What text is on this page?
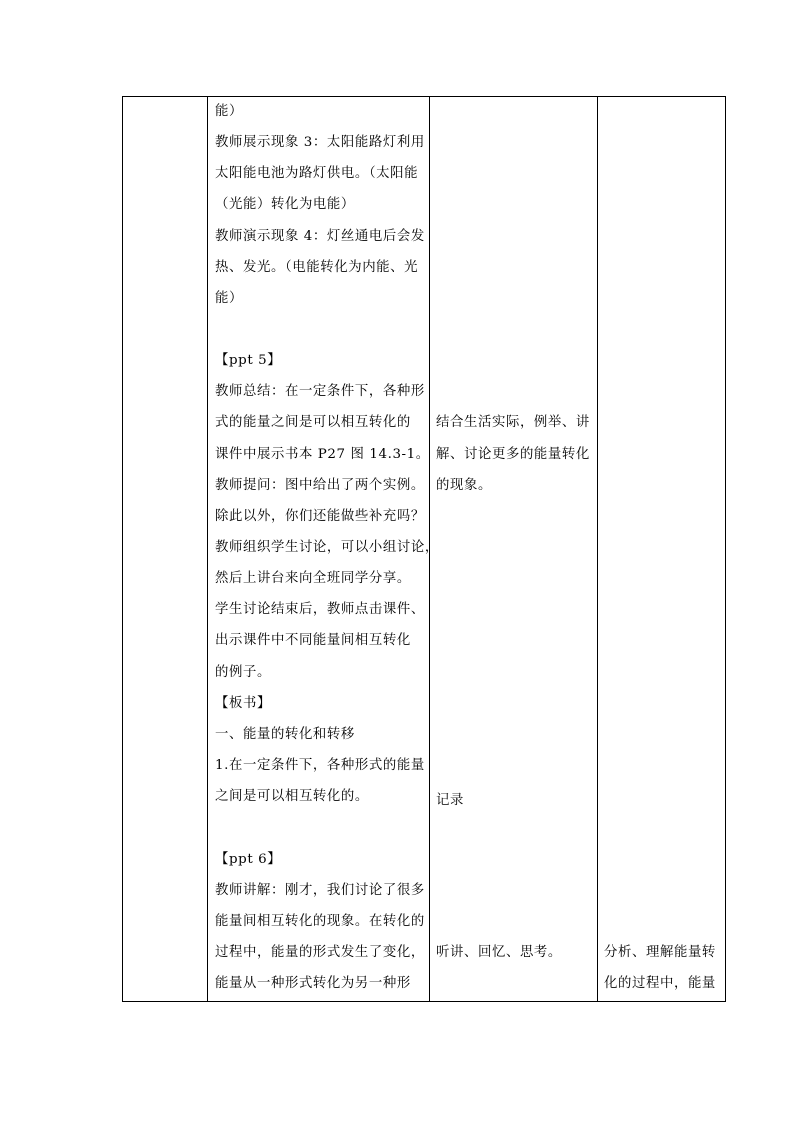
能）
教师展示现象 3：太阳能路灯利用
太阳能电池为路灯供电。（太阳能
（光能）转化为电能）
教师演示现象 4：灯丝通电后会发
热、发光。（电能转化为内能、光
能）
【ppt 5】
教师总结：在一定条件下，各种形
式的能量之间是可以相互转化的
课件中展示书本 P27 图 14.3-1。
教师提问：图中给出了两个实例。
除此以外，你们还能做些补充吗？
教师组织学生讨论，可以小组讨论，
然后上讲台来向全班同学分享。
学生讨论结束后，教师点击课件、
出示课件中不同能量间相互转化
的例子。
【板书】
一、能量的转化和转移
1.在一定条件下，各种形式的能量
之间是可以相互转化的。
【ppt 6】
教师讲解：刚才，我们讨论了很多
能量间相互转化的现象。在转化的
过程中，能量的形式发生了变化，
能量从一种形式转化为另一种形
结合生活实际，例举、讲
解、讨论更多的能量转化
的现象。
记录
听讲、回忆、思考。	分析、理解能量转
化的过程中，能量
